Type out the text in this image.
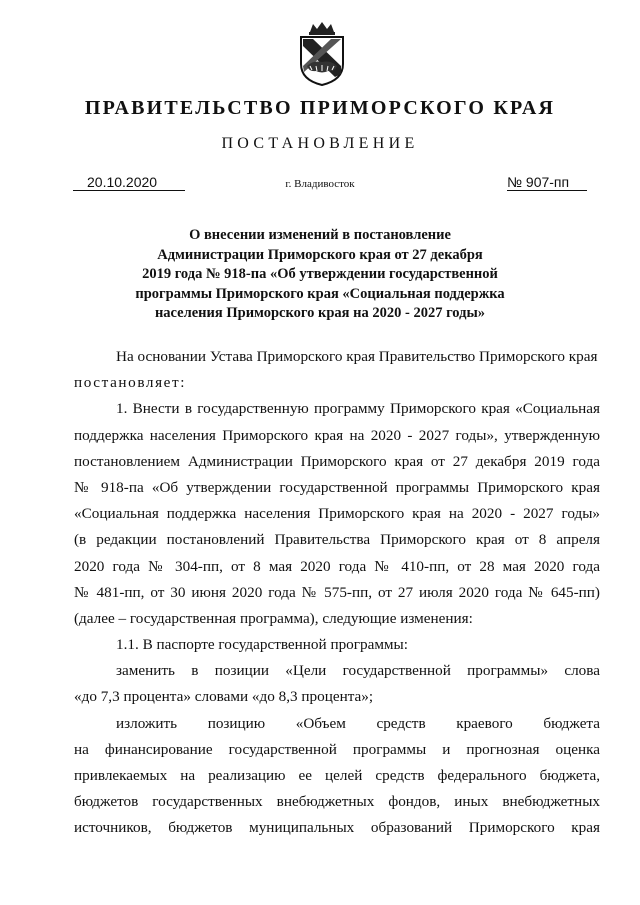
ПРАВИТЕЛЬСТВО ПРИМОРСКОГО КРАЯ
ПОСТАНОВЛЕНИЕ
20.10.2020	г. Владивосток	№ 907-пп
О внесении изменений в постановление
Администрации Приморского края от 27 декабря
2019 года № 918-па «Об утверждении государственной
программы Приморского края «Социальная поддержка
населения Приморского края на 2020 - 2027 годы»
На основании Устава Приморского края Правительство Приморского края
постановляет:
1. Внести в государственную программу Приморского края «Социальная
поддержка населения Приморского края на 2020 - 2027 годы», утвержденную
постановлением Администрации Приморского края от 27 декабря 2019 года
№ 918-па «Об утверждении государственной программы Приморского края
«Социальная поддержка населения Приморского края на 2020 - 2027 годы»
(в редакции постановлений Правительства Приморского края от 8 апреля
2020 года № 304-пп, от 8 мая 2020 года № 410-пп, от 28 мая 2020 года
№ 481-пп, от 30 июня 2020 года № 575-пп, от 27 июля 2020 года № 645-пп)
(далее – государственная программа), следующие изменения:
1.1. В паспорте государственной программы:
заменить в позиции «Цели государственной программы» слова
«до 7,3 процента» словами «до 8,3 процента»;
изложить позицию «Объем средств краевого бюджета
на финансирование государственной программы и прогнозная оценка
привлекаемых на реализацию ее целей средств федерального бюджета,
бюджетов государственных внебюджетных фондов, иных внебюджетных
источников, бюджетов муниципальных образований Приморского края
